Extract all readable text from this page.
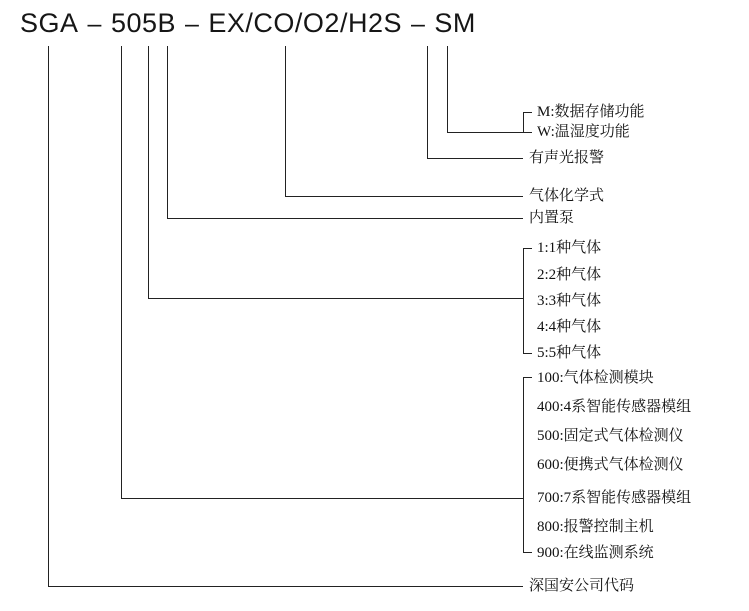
SGA – 505B – EX/CO/O2/H2S – SM
M:数据存储功能
W:温湿度功能
有声光报警
气体化学式
内置泵
深国安公司代码
1:1种气体
2:2种气体
3:3种气体
4:4种气体
5:5种气体
100:气体检测模块
400:4系智能传感器模组
500:固定式气体检测仪
600:便携式气体检测仪
700:7系智能传感器模组
800:报警控制主机
900:在线监测系统
